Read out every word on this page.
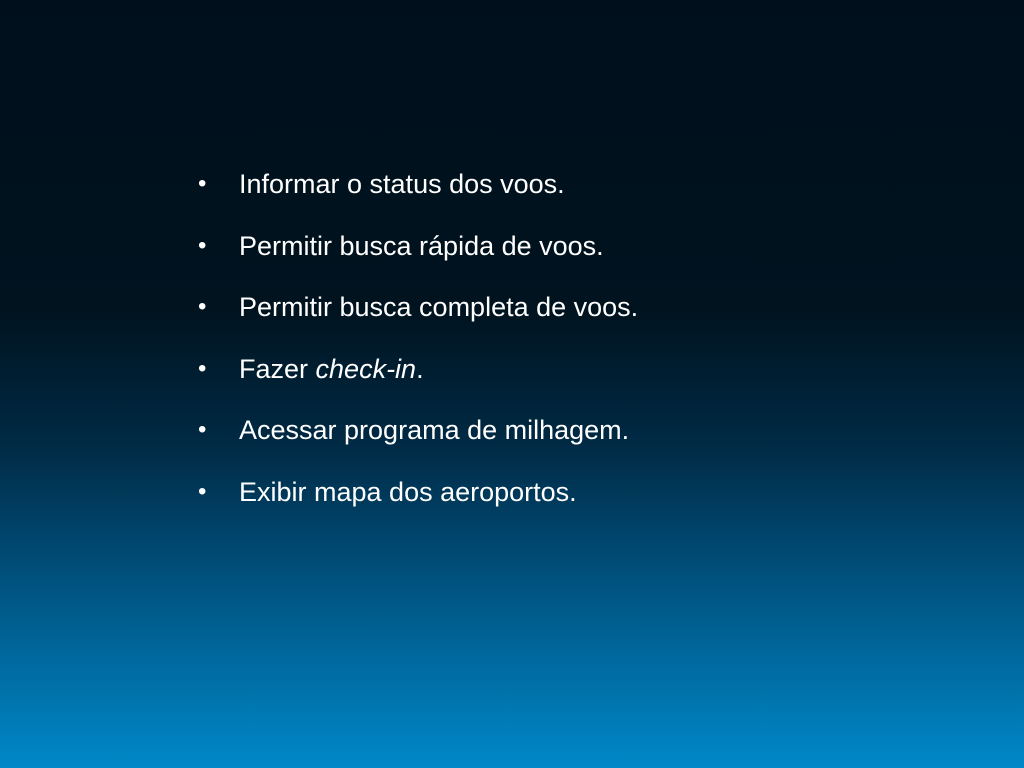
•	Informar o status dos voos.
•	Permitir busca rápida de voos.
•	Permitir busca completa de voos.
•	Fazer check-in.
•	Acessar programa de milhagem.
•	Exibir mapa dos aeroportos.
